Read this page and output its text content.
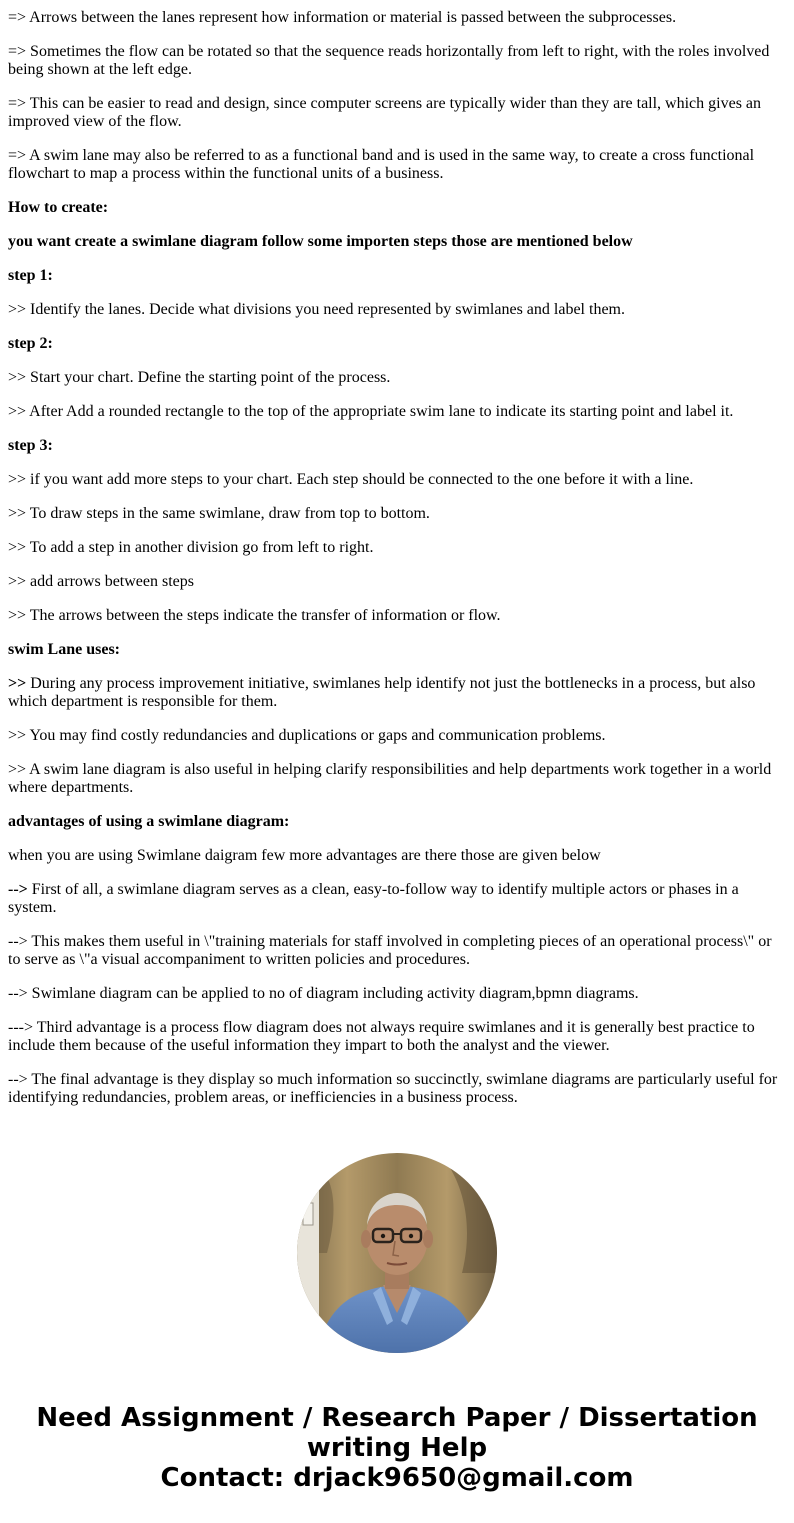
=> Arrows between the lanes represent how information or material is passed between the subprocesses.

=> Sometimes the flow can be rotated so that the sequence reads horizontally from left to right, with the roles involved being shown at the left edge.

=> This can be easier to read and design, since computer screens are typically wider than they are tall, which gives an improved view of the flow.

=> A swim lane may also be referred to as a functional band and is used in the same way, to create a cross functional flowchart to map a process within the functional units of a business.

How to create:

you want create a swimlane diagram follow some importen steps those are mentioned below

step 1:

>> Identify the lanes. Decide what divisions you need represented by swimlanes and label them.

step 2:

>> Start your chart. Define the starting point of the process.

>> After Add a rounded rectangle to the top of the appropriate swim lane to indicate its starting point and label it.

step 3:

>> if you want add more steps to your chart. Each step should be connected to the one before it with a line.

>> To draw steps in the same swimlane, draw from top to bottom.

>> To add a step in another division go from left to right.

>> add arrows between steps

>> The arrows between the steps indicate the transfer of information or flow.

swim Lane uses:

>> During any process improvement initiative, swimlanes help identify not just the bottlenecks in a process, but also which department is responsible for them.

>> You may find costly redundancies and duplications or gaps and communication problems.

>> A swim lane diagram is also useful in helping clarify responsibilities and help departments work together in a world where departments.

advantages of using a swimlane diagram:

when you are using Swimlane daigram few more advantages are there those are given below

--> First of all, a swimlane diagram serves as a clean, easy-to-follow way to identify multiple actors or phases in a system.

--> This makes them useful in \"training materials for staff involved in completing pieces of an operational process\" or to serve as \"a visual accompaniment to written policies and procedures.

--> Swimlane diagram can be applied to no of diagram including activity diagram,bpmn diagrams.

---> Third advantage is a process flow diagram does not always require swimlanes and it is generally best practice to include them because of the useful information they impart to both the analyst and the viewer.

--> The final advantage is they display so much information so succinctly, swimlane diagrams are particularly useful for identifying redundancies, problem areas, or inefficiencies in a business process.

Need Assignment / Research Paper / Dissertation writing Help
Contact: drjack9650@gmail.com
